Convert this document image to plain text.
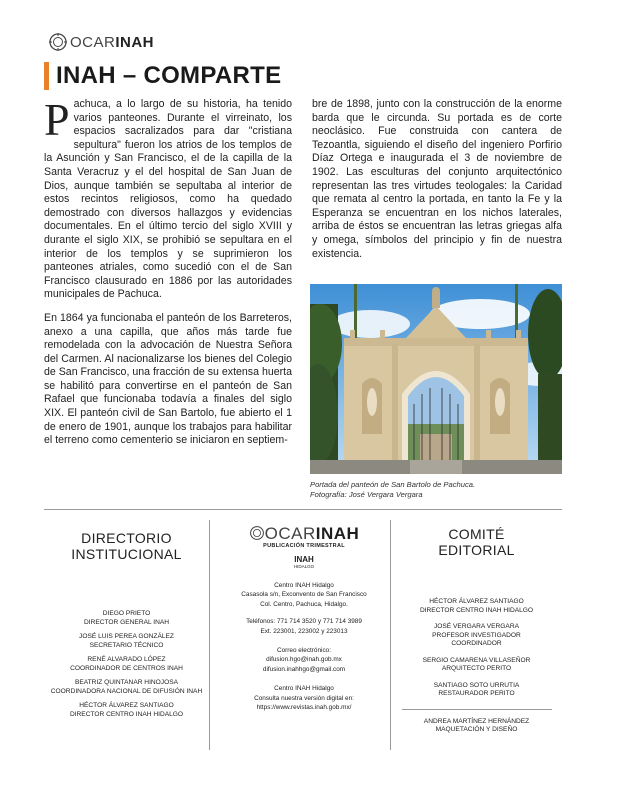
OCARINAH
INAH – COMPARTE

Pachuca, a lo largo de su historia, ha tenido varios panteones. Durante el virreinato, los espacios sacralizados para dar "cristiana sepultura" fueron los atrios de los templos de la Asunción y San Francisco, el de la capilla de la Santa Veracruz y el del hospital de San Juan de Dios, aunque también se sepultaba al interior de estos recintos religiosos, como ha quedado demostrado con diversos hallazgos y evidencias documentales. En el último tercio del siglo XVIII y durante el siglo XIX, se prohibió se sepultara en el interior de los templos y se suprimieron los panteones atriales, como sucedió con el de San Francisco clausurado en 1886 por las autoridades municipales de Pachuca.

En 1864 ya funcionaba el panteón de los Barreteros, anexo a una capilla, que años más tarde fue remodelada con la advocación de Nuestra Señora del Carmen. Al nacionalizarse los bienes del Colegio de San Francisco, una fracción de su extensa huerta se habilitó para convertirse en el panteón de San Rafael que funcionaba todavía a finales del siglo XIX. El panteón civil de San Bartolo, fue abierto el 1 de enero de 1901, aunque los trabajos para habilitar el terreno como cementerio se iniciaron en septiem-

bre de 1898, junto con la construcción de la enorme barda que le circunda. Su portada es de corte neoclásico. Fue construida con cantera de Tezoantla, siguiendo el diseño del ingeniero Porfirio Díaz Ortega e inaugurada el 3 de noviembre de 1902. Las esculturas del conjunto arquitectónico representan las tres virtudes teologales: la Caridad que remata al centro la portada, en tanto la Fe y la Esperanza se encuentran en los nichos laterales, arriba de éstos se encuentran las letras griegas alfa y omega, símbolos del principio y fin de nuestra existencia.

Portada del panteón de San Bartolo de Pachuca.
Fotografía: José Vergara Vergara
DIRECTORIO
INSTITUCIONAL
DIEGO PRIETO
DIRECTOR GENERAL INAH
JOSÉ LUIS PEREA GONZÁLEZ
SECRETARIO TÉCNICO
RENÉ ALVARADO LÓPEZ
COORDINADOR DE CENTROS INAH
BEATRIZ QUINTANAR HINOJOSA
COORDINADORA NACIONAL DE DIFUSIÓN INAH
HÉCTOR ÁLVAREZ SANTIAGO
DIRECTOR CENTRO INAH HIDALGO
OCARINAH
PUBLICACIÓN TRIMESTRAL
INAH
HIDALGO
Centro INAH Hidalgo
Casasola s/n, Exconvento de San Francisco
Col. Centro, Pachuca, Hidalgo.
Teléfonos: 771 714 3520 y 771 714 3989
Ext. 223001, 223002 y 223013
Correo electrónico:
difusion.hgo@inah.gob.mx
difusion.inahhgo@gmail.com
Centro INAH Hidalgo
Consulta nuestra versión digital en:
https://www.revistas.inah.gob.mx/
COMITÉ
EDITORIAL
HÉCTOR ÁLVAREZ SANTIAGO
DIRECTOR CENTRO INAH HIDALGO
JOSÉ VERGARA VERGARA
PROFESOR INVESTIGADOR
COORDINADOR
SERGIO CAMARENA VILLASEÑOR
ARQUITECTO PERITO
SANTIAGO SOTO URRUTIA
RESTAURADOR PERITO
ANDREA MARTÍNEZ HERNÁNDEZ
MAQUETACIÓN Y DISEÑO
